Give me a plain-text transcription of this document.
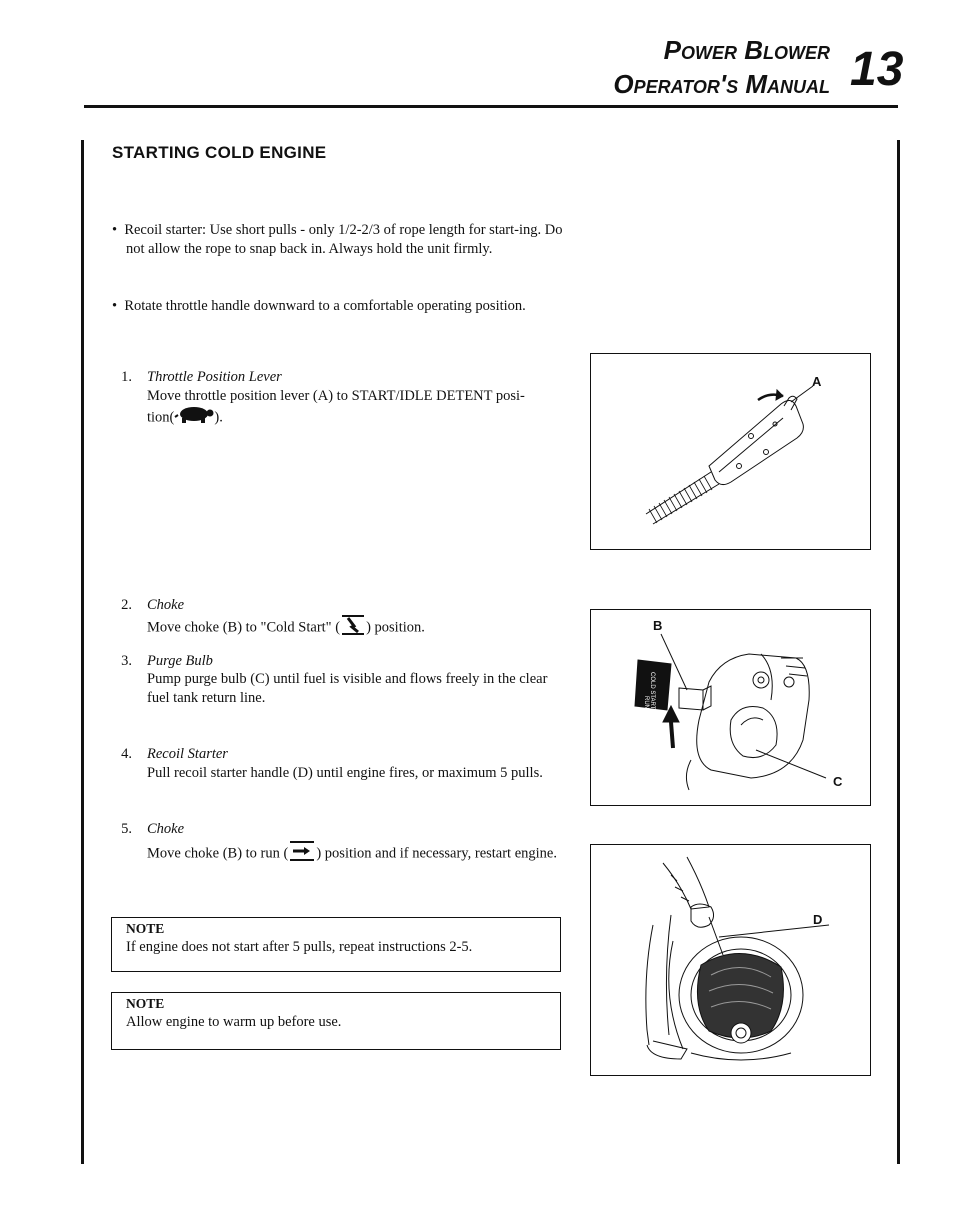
Power Blower
Operator's Manual 13
STARTING COLD ENGINE
•  Recoil starter: Use short pulls - only 1/2-2/3 of rope length for start-ing. Do not allow the rope to snap back in. Always hold the unit firmly.
•  Rotate throttle handle downward to a comfortable operating position.
1. Throttle Position Lever
Move throttle position lever (A) to START/IDLE DETENT posi-
tion(	).
2. Choke
Move choke (B) to "Cold Start" ( ) position.
3. Purge Bulb
Pump purge bulb (C) until fuel is visible and flows freely in the clear fuel tank return line.
4. Recoil Starter
Pull recoil starter handle (D) until engine fires, or maximum 5 pulls.
5. Choke
Move choke (B) to run ( ) position and if necessary, restart engine.
NOTE
If engine does not start after 5 pulls, repeat instructions 2-5.
NOTE
Allow engine to warm up before use.
A
COLD START
RUN
B
C
D
